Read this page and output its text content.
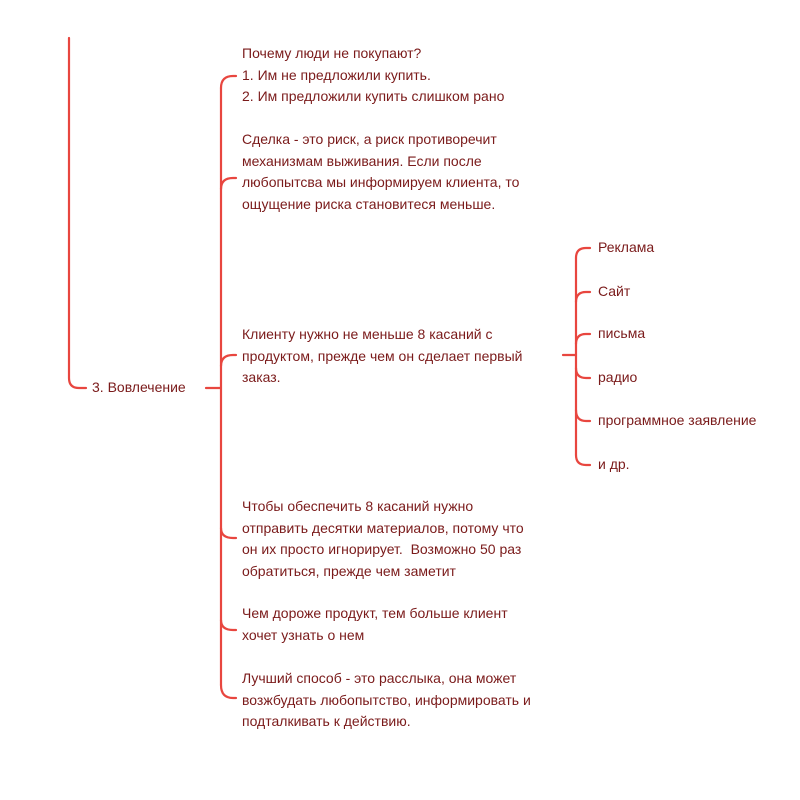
3. Вовлечение
Почему люди не покупают?
1. Им не предложили купить.
2. Им предложили купить слишком рано
Сделка - это риск, а риск противоречит
механизмам выживания. Если после
любопытсва мы информируем клиента, то
ощущение риска становитеся меньше.
Клиенту нужно не меньше 8 касаний с
продуктом, прежде чем он сделает первый
заказ.
Реклама
Сайт
письма
радио
программное заявление
и др.
Чтобы обеспечить 8 касаний нужно
отправить десятки материалов, потому что
он их просто игнорирует.  Возможно 50 раз
обратиться, прежде чем заметит
Чем дороже продукт, тем больше клиент
хочет узнать о нем
Лучший способ - это расслыка, она может
возжбудать любопытство, информировать и
подталкивать к действию.
